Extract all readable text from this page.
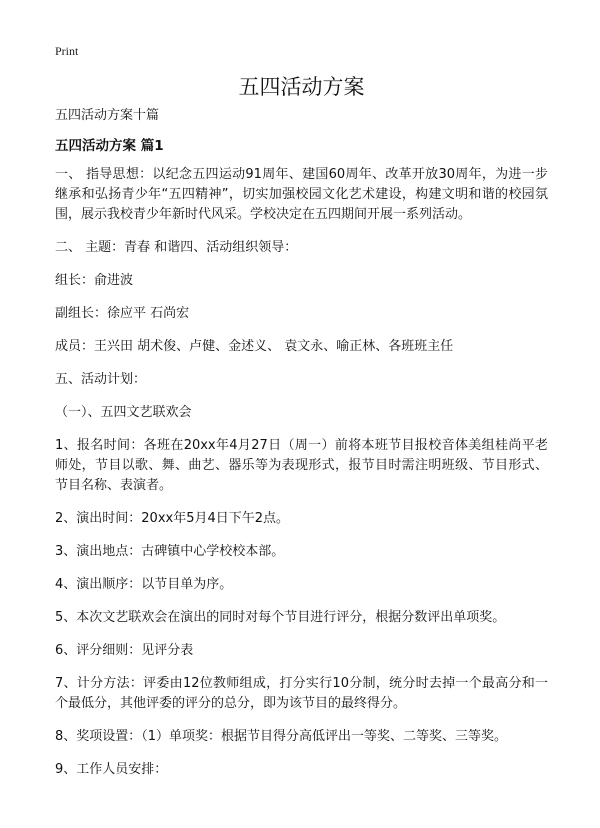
Print

五四活动方案

五四活动方案十篇

五四活动方案 篇1

一、 指导思想：以纪念五四运动91周年、建国60周年、改革开放30周年，为进一步继承和弘扬青少年“五四精神”，切实加强校园文化艺术建设，构建文明和谐的校园氛围，展示我校青少年新时代风采。学校决定在五四期间开展一系列活动。

二、 主题：青春 和谐四、活动组织领导：

组长：俞进波

副组长：徐应平 石尚宏

成员：王兴田 胡术俊、卢健、金述义、 袁文永、喻正林、各班班主任

五、活动计划：

（一）、五四文艺联欢会

1、报名时间：各班在20xx年4月27日（周一）前将本班节目报校音体美组桂尚平老师处，节目以歌、舞、曲艺、器乐等为表现形式，报节目时需注明班级、节目形式、节目名称、表演者。

2、演出时间：20xx年5月4日下午2点。

3、演出地点：古碑镇中心学校校本部。

4、演出顺序：以节目单为序。

5、本次文艺联欢会在演出的同时对每个节目进行评分，根据分数评出单项奖。

6、评分细则：见评分表

7、计分方法：评委由12位教师组成，打分实行10分制，统分时去掉一个最高分和一个最低分，其他评委的评分的总分，即为该节目的最终得分。

8、奖项设置：（1）单项奖：根据节目得分高低评出一等奖、二等奖、三等奖。

9、工作人员安排：
